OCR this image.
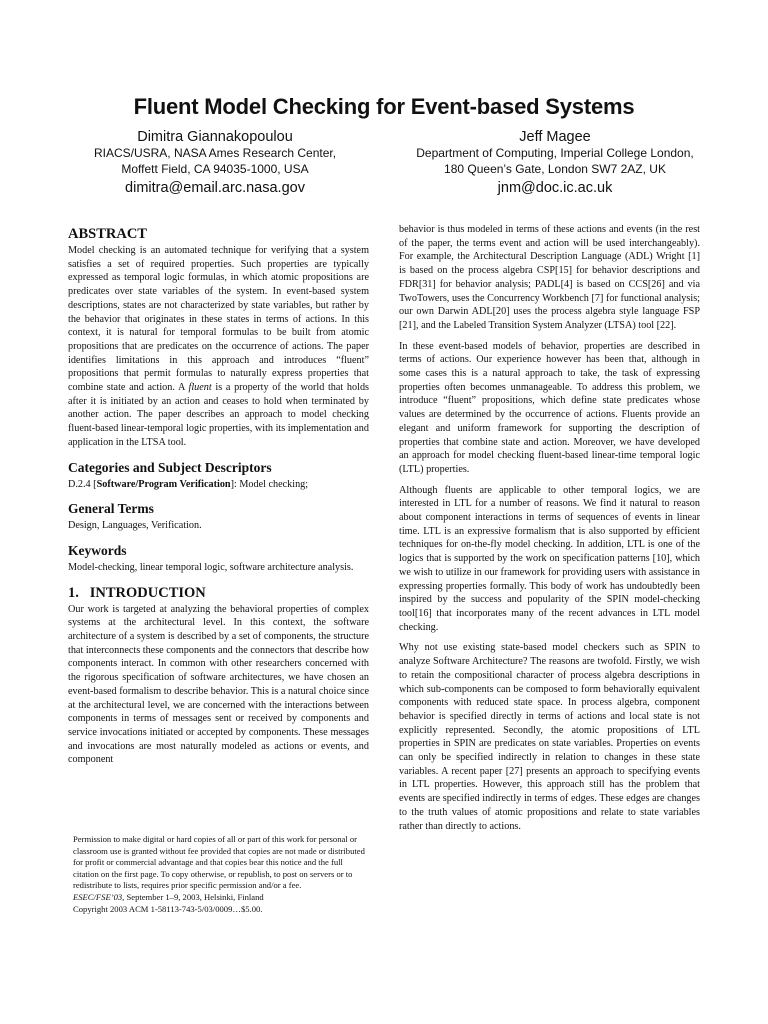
Fluent Model Checking for Event-based Systems
Dimitra Giannakopoulou
RIACS/USRA, NASA Ames Research Center,
Moffett Field, CA 94035-1000, USA
dimitra@email.arc.nasa.gov
Jeff Magee
Department of Computing, Imperial College London,
180 Queen’s Gate, London SW7 2AZ, UK
jnm@doc.ic.ac.uk
ABSTRACT

Model checking is an automated technique for verifying that a system satisfies a set of required properties. Such properties are typically expressed as temporal logic formulas, in which atomic propositions are predicates over state variables of the system. In event-based system descriptions, states are not characterized by state variables, but rather by the behavior that originates in these states in terms of actions. In this context, it is natural for temporal formulas to be built from atomic propositions that are predicates on the occurrence of actions. The paper identifies limitations in this approach and introduces “fluent” propositions that permit formulas to naturally express properties that combine state and action. A fluent is a property of the world that holds after it is initiated by an action and ceases to hold when terminated by another action. The paper describes an approach to model checking fluent-based linear-temporal logic properties, with its implementation and application in the LTSA tool.

Categories and Subject Descriptors

D.2.4 [Software/Program Verification]: Model checking;

General Terms

Design, Languages, Verification.

Keywords

Model-checking, linear temporal logic, software architecture analysis.

1.   INTRODUCTION

Our work is targeted at analyzing the behavioral properties of complex systems at the architectural level. In this context, the software architecture of a system is described by a set of components, the structure that interconnects these components and the connectors that describe how components interact. In common with other researchers concerned with the rigorous specification of software architectures, we have chosen an event-based formalism to describe behavior. This is a natural choice since at the architectural level, we are concerned with the interactions between components in terms of messages sent or received by components and service invocations initiated or accepted by components. These messages and invocations are most naturally modeled as actions or events, and component

behavior is thus modeled in terms of these actions and events (in the rest of the paper, the terms event and action will be used interchangeably). For example, the Architectural Description Language (ADL) Wright [1] is based on the process algebra CSP[15] for behavior descriptions and FDR[31] for behavior analysis; PADL[4] is based on CCS[26] and via TwoTowers, uses the Concurrency Workbench [7] for functional analysis; our own Darwin ADL[20] uses the process algebra style language FSP [21], and the Labeled Transition System Analyzer (LTSA) tool [22].

In these event-based models of behavior, properties are described in terms of actions. Our experience however has been that, although in some cases this is a natural approach to take, the task of expressing properties often becomes unmanageable. To address this problem, we introduce “fluent” propositions, which define state predicates whose values are determined by the occurrence of actions. Fluents provide an elegant and uniform framework for supporting the description of properties that combine state and action. Moreover, we have developed an approach for model checking fluent-based linear-time temporal logic (LTL) properties.

Although fluents are applicable to other temporal logics, we are interested in LTL for a number of reasons. We find it natural to reason about component interactions in terms of sequences of events in linear time. LTL is an expressive formalism that is also supported by efficient techniques for on-the-fly model checking. In addition, LTL is one of the logics that is supported by the work on specification patterns [10], which we wish to utilize in our framework for providing users with assistance in expressing properties formally. This body of work has undoubtedly been inspired by the success and popularity of the SPIN model-checking tool[16] that incorporates many of the recent advances in LTL model checking.

Why not use existing state-based model checkers such as SPIN to analyze Software Architecture? The reasons are twofold. Firstly, we wish to retain the compositional character of process algebra descriptions in which sub-components can be composed to form behaviorally equivalent components with reduced state space. In process algebra, component behavior is specified directly in terms of actions and local state is not explicitly represented. Secondly, the atomic propositions of LTL properties in SPIN are predicates on state variables. Properties on events can only be specified indirectly in relation to changes in these state variables. A recent paper [27] presents an approach to specifying events in LTL properties. However, this approach still has the problem that events are specified indirectly in terms of edges. These edges are changes to the truth values of atomic propositions and relate to state variables rather than directly to actions.

Permission to make digital or hard copies of all or part of this work for personal or classroom use is granted without fee provided that copies are not made or distributed for profit or commercial advantage and that copies bear this notice and the full citation on the first page. To copy otherwise, or republish, to post on servers or to redistribute to lists, requires prior specific permission and/or a fee.

ESEC/FSE’03, September 1–9, 2003, Helsinki, Finland

Copyright 2003 ACM 1-58113-743-5/03/0009…$5.00.
